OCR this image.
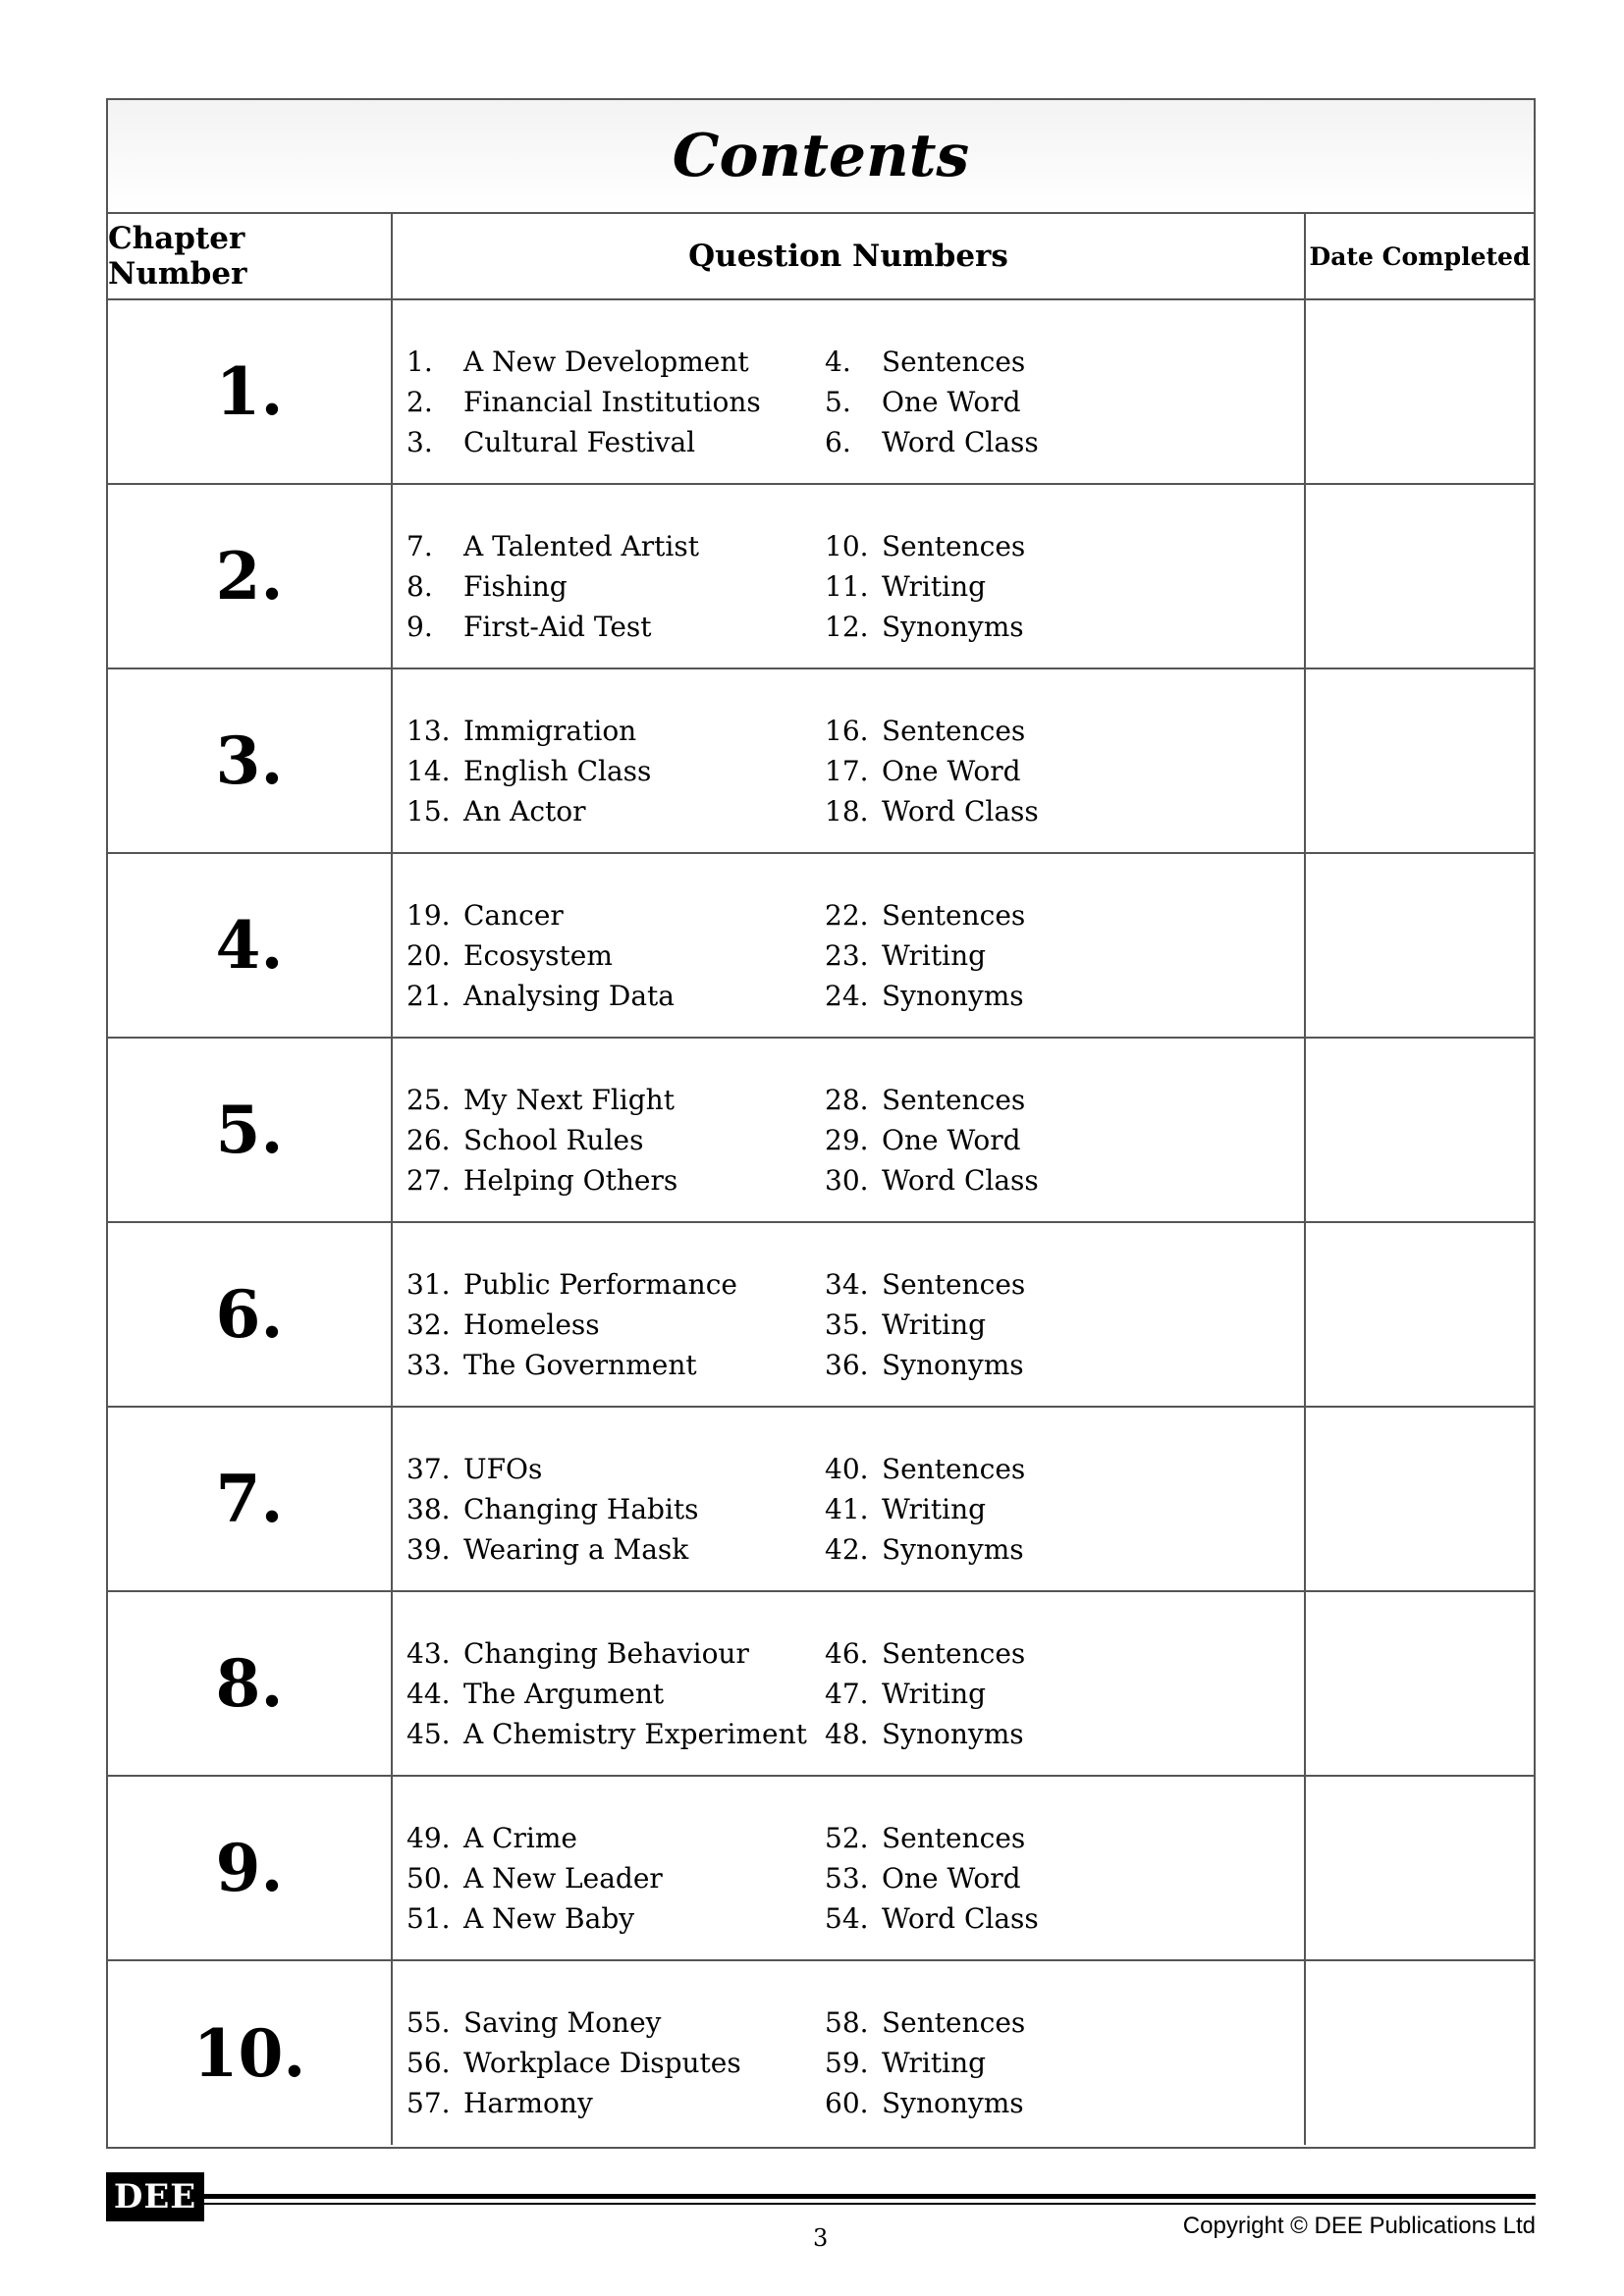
Contents
Chapter Number	Question Numbers	Date Completed
1.	1.	A New Development
2.	Financial Institutions
3.	Cultural Festival
4.	Sentences
5.	One Word
6.	Word Class
2.	7.	A Talented Artist
8.	Fishing
9.	First-Aid Test
10. Sentences
11. Writing
12. Synonyms
3.	13. Immigration
14. English Class
15. An Actor
16. Sentences
17. One Word
18. Word Class
4.	19. Cancer
20. Ecosystem
21. Analysing Data
22. Sentences
23. Writing
24. Synonyms
5.	25. My Next Flight
26. School Rules
27. Helping Others
28. Sentences
29. One Word
30. Word Class
6.	31. Public Performance
32. Homeless
33. The Government
34. Sentences
35. Writing
36. Synonyms
7.	37. UFOs
38. Changing Habits
39. Wearing a Mask
40. Sentences
41. Writing
42. Synonyms
8.	43. Changing Behaviour
44. The Argument
45. A Chemistry Experiment
46. Sentences
47. Writing
48. Synonyms
9.	49. A Crime
50. A New Leader
51. A New Baby
52. Sentences
53. One Word
54. Word Class
10.	55. Saving Money
56. Workplace Disputes
57. Harmony
58. Sentences
59. Writing
60. Synonyms
DEE
3	Copyright © DEE Publications Ltd
